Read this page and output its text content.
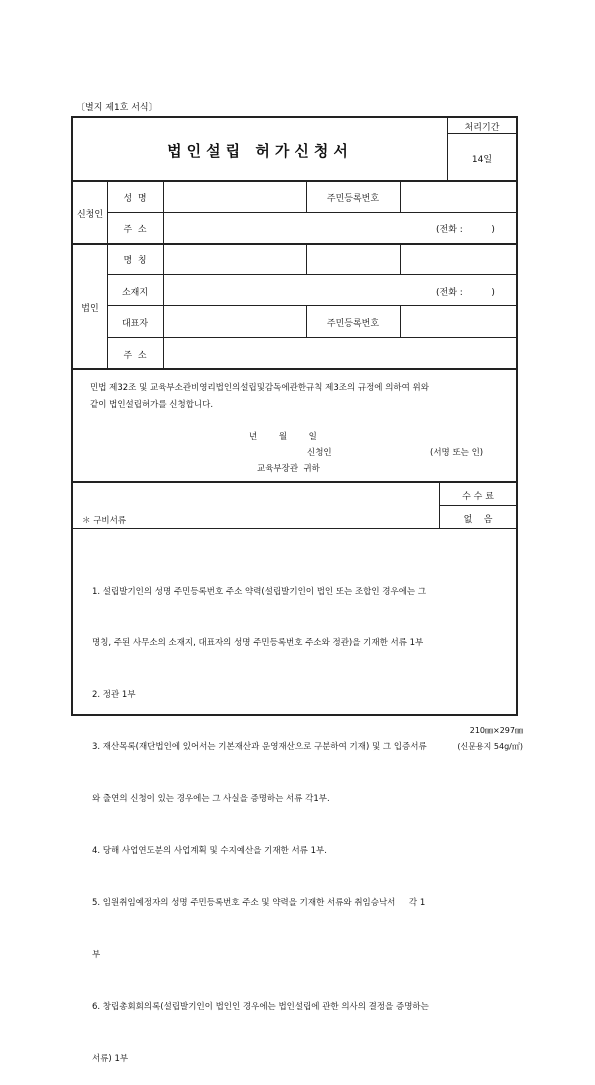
〔별지 제1호 서식〕
법인설립 허가신청서
처리기간
14일
신청인
성  명	주민등록번호
주  소	(전화 :          )
법인
명  칭
소재지	(전화 :          )
대표자	주민등록번호
주  소
민법 제32조 및 교육부소관비영리법인의설립및감독에관한규칙 제3조의 규정에 의하여 위와
같이 법인설립허가를 신청합니다.
년        월        일
신청인	(서명 또는 인)
교육부장관  귀하
＊ 구비서류
수 수 료
없    음

1. 설립발기인의 성명 주민등록번호 주소 약력(설립발기인이 법인 또는 조합인 경우에는 그

명칭, 주된 사무소의 소재지, 대표자의 성명 주민등록번호 주소와 정관)을 기재한 서류 1부

2. 정관 1부

3. 재산목록(재단법인에 있어서는 기본재산과 운영재산으로 구분하여 기재) 및 그 입증서류

와 출연의 신청이 있는 경우에는 그 사실을 증명하는 서류 각1부.

4. 당해 사업연도분의 사업계획 및 수지예산을 기재한 서류 1부.

5. 임원취임예정자의 성명 주민등록번호 주소 및 약력을 기재한 서류와 취임승낙서     각 1

부

6. 창립총회회의록(설립발기인이 법인인 경우에는 법인설립에 관한 의사의 결정을 증명하는

서류) 1부

210㎜×297㎜
(신문용지 54g/㎡)
